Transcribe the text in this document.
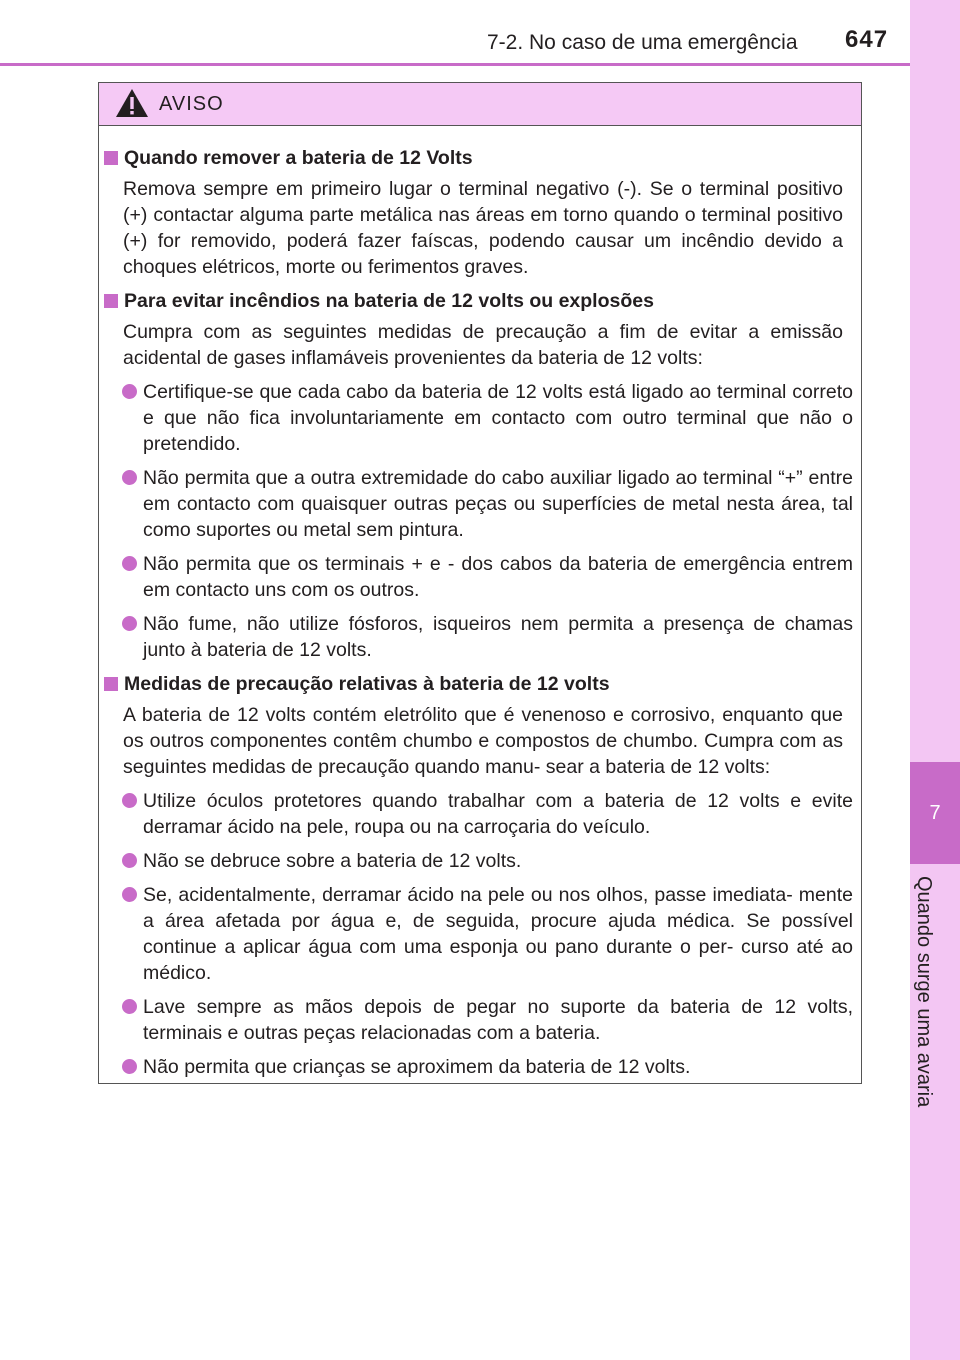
7-2. No caso de uma emergência 647
7
Quando surge uma avaria
AVISO
Quando remover a bateria de 12 Volts
Remova sempre em primeiro lugar o terminal negativo (-). Se o terminal positivo (+) contactar alguma parte metálica nas áreas em torno quando o terminal positivo (+) for removido, poderá fazer faíscas, podendo causar um incêndio devido a choques elétricos, morte ou ferimentos graves.
Para evitar incêndios na bateria de 12 volts ou explosões
Cumpra com as seguintes medidas de precaução a fim de evitar a emissão acidental de gases inflamáveis provenientes da bateria de 12 volts:
Certifique-se que cada cabo da bateria de 12 volts está ligado ao terminal correto e que não fica involuntariamente em contacto com outro terminal que não o pretendido.
Não permita que a outra extremidade do cabo auxiliar ligado ao terminal “+” entre em contacto com quaisquer outras peças ou superfícies de metal nesta área, tal como suportes ou metal sem pintura.
Não permita que os terminais + e - dos cabos da bateria de emergência entrem em contacto uns com os outros.
Não fume, não utilize fósforos, isqueiros nem permita a presença de chamas junto à bateria de 12 volts.
Medidas de precaução relativas à bateria de 12 volts
A bateria de 12 volts contém eletrólito que é venenoso e corrosivo, enquanto que os outros componentes contêm chumbo e compostos de chumbo. Cumpra com as seguintes medidas de precaução quando manu- sear a bateria de 12 volts:
Utilize óculos protetores quando trabalhar com a bateria de 12 volts e evite derramar ácido na pele, roupa ou na carroçaria do veículo.
Não se debruce sobre a bateria de 12 volts.
Se, acidentalmente, derramar ácido na pele ou nos olhos, passe imediata- mente a área afetada por água e, de seguida, procure ajuda médica. Se possível continue a aplicar água com uma esponja ou pano durante o per- curso até ao médico.
Lave sempre as mãos depois de pegar no suporte da bateria de 12 volts, terminais e outras peças relacionadas com a bateria.
Não permita que crianças se aproximem da bateria de 12 volts.
